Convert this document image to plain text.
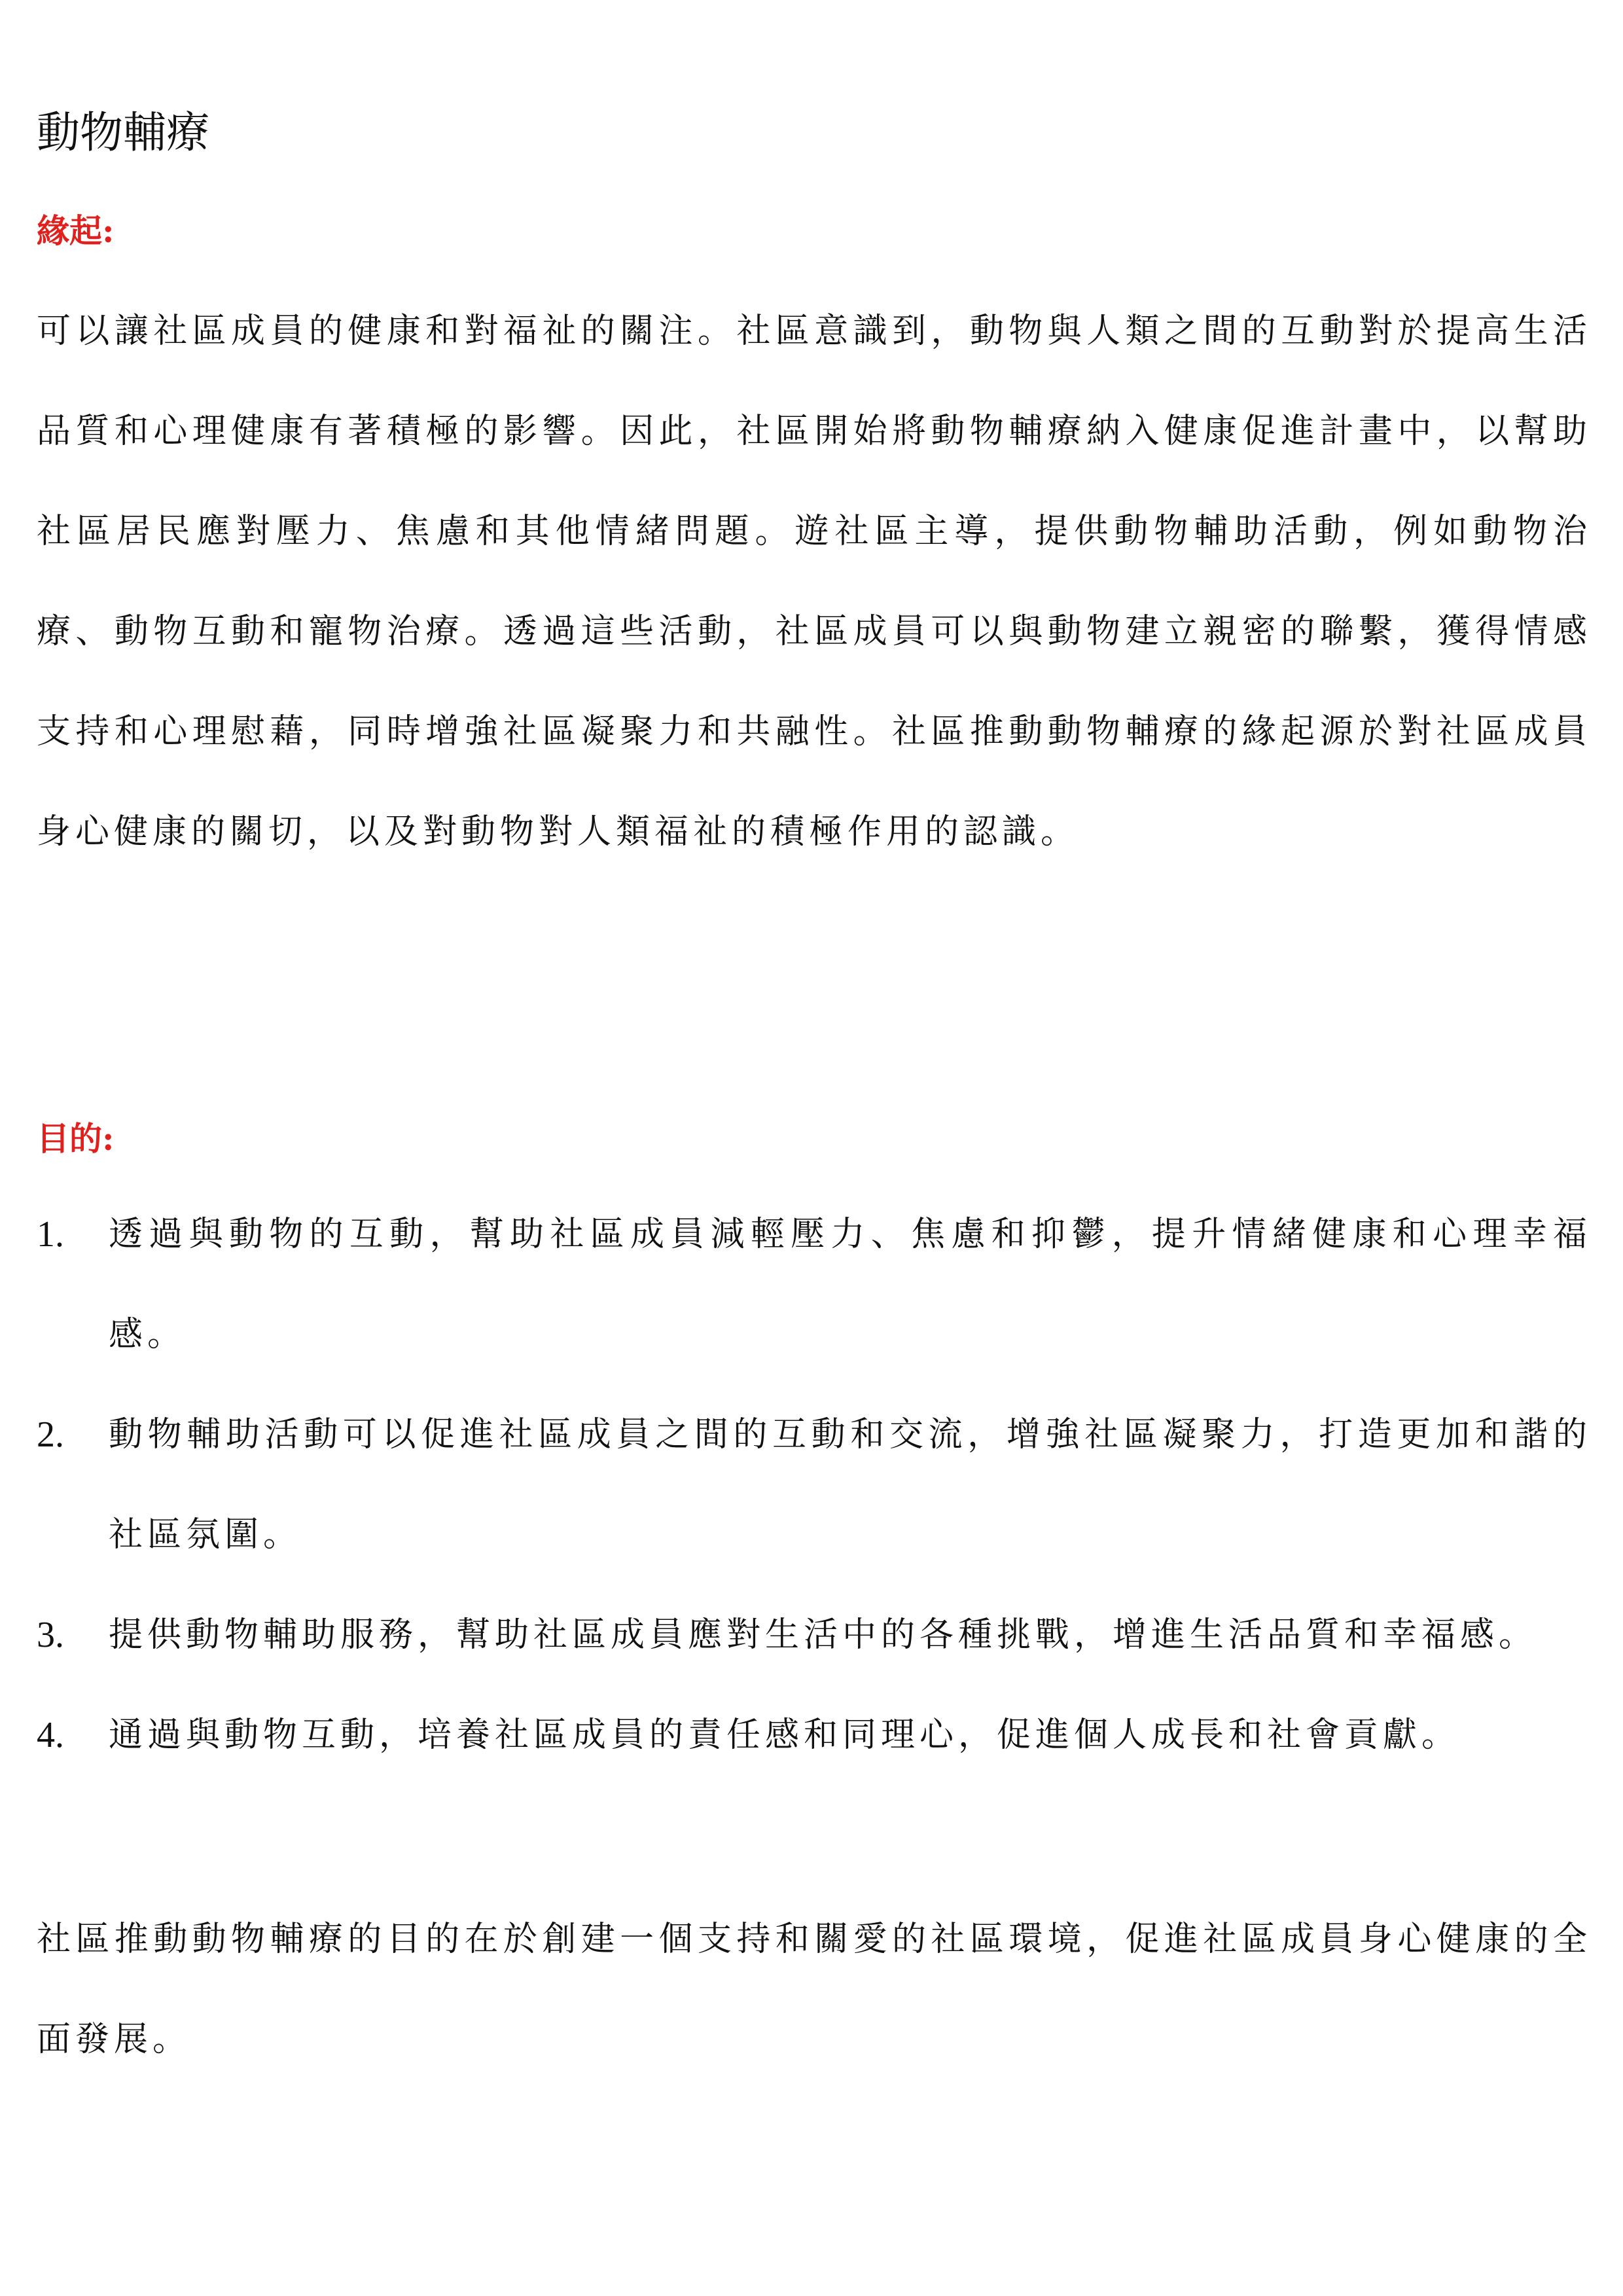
動物輔療
緣起:

可以讓社區成員的健康和對福祉的關注。社區意識到，動物與人類之間的互動對於提高生活品質和心理健康有著積極的影響。因此，社區開始將動物輔療納入健康促進計畫中，以幫助社區居民應對壓力、焦慮和其他情緒問題。遊社區主導，提供動物輔助活動，例如動物治療、動物互動和寵物治療。透過這些活動，社區成員可以與動物建立親密的聯繫，獲得情感支持和心理慰藉，同時增強社區凝聚力和共融性。社區推動動物輔療的緣起源於對社區成員身心健康的關切，以及對動物對人類福祉的積極作用的認識。

目的:
1. 透過與動物的互動，幫助社區成員減輕壓力、焦慮和抑鬱，提升情緒健康和心理幸福感。
2. 動物輔助活動可以促進社區成員之間的互動和交流，增強社區凝聚力，打造更加和諧的社區氛圍。
3. 提供動物輔助服務，幫助社區成員應對生活中的各種挑戰，增進生活品質和幸福感。
4. 通過與動物互動，培養社區成員的責任感和同理心，促進個人成長和社會貢獻。

社區推動動物輔療的目的在於創建一個支持和關愛的社區環境，促進社區成員身心健康的全面發展。
